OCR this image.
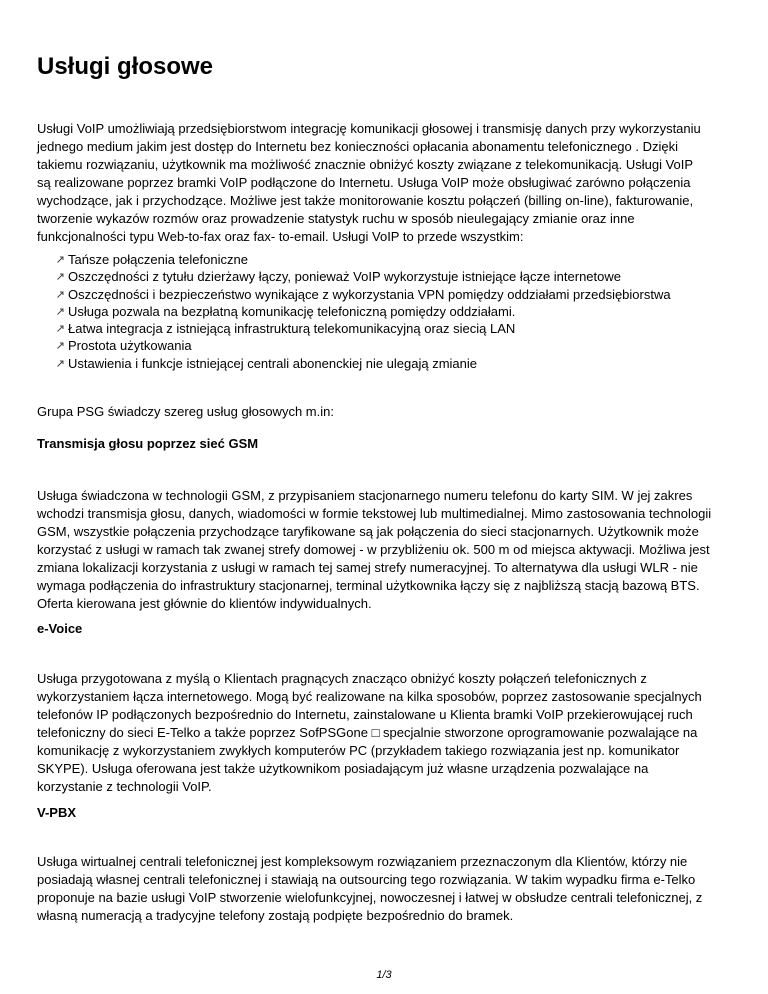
Usługi głosowe

Usługi VoIP umożliwiają przedsiębiorstwom integrację komunikacji głosowej i transmisję danych przy wykorzystaniu jednego medium jakim jest dostęp do Internetu bez konieczności opłacania abonamentu telefonicznego . Dzięki takiemu rozwiązaniu, użytkownik ma możliwość znacznie obniżyć koszty związane z telekomunikacją. Usługi VoIP są realizowane poprzez bramki VoIP podłączone do Internetu. Usługa VoIP może obsługiwać zarówno połączenia wychodzące, jak i przychodzące. Możliwe jest także monitorowanie kosztu połączeń (billing on-line), fakturowanie, tworzenie wykazów rozmów oraz prowadzenie statystyk ruchu w sposób nieulegający zmianie oraz inne funkcjonalności typu Web-to-fax oraz fax- to-email. Usługi VoIP to przede wszystkim:

Tańsze połączenia telefoniczne
Oszczędności z tytułu dzierżawy łączy, ponieważ VoIP wykorzystuje istniejące łącze internetowe
Oszczędności i bezpieczeństwo wynikające z wykorzystania VPN pomiędzy oddziałami przedsiębiorstwa
Usługa pozwala na bezpłatną komunikację telefoniczną pomiędzy oddziałami.
Łatwa integracja z istniejącą infrastrukturą telekomunikacyjną oraz siecią LAN
Prostota użytkowania
Ustawienia i funkcje istniejącej centrali abonenckiej nie ulegają zmianie

Grupa PSG świadczy szereg usług głosowych m.in:

Transmisja głosu poprzez sieć GSM

Usługa świadczona w technologii GSM, z przypisaniem stacjonarnego numeru telefonu do karty SIM. W jej zakres wchodzi transmisja głosu, danych, wiadomości w formie tekstowej lub multimedialnej. Mimo zastosowania technologii GSM, wszystkie połączenia przychodzące taryfikowane są jak połączenia do sieci stacjonarnych. Użytkownik może korzystać z usługi w ramach tak zwanej strefy domowej - w przybliżeniu ok. 500 m od miejsca aktywacji. Możliwa jest zmiana lokalizacji korzystania z usługi w ramach tej samej strefy numeracyjnej. To alternatywa dla usługi WLR - nie wymaga podłączenia do infrastruktury stacjonarnej, terminal użytkownika łączy się z najbliższą stacją bazową BTS. Oferta kierowana jest głównie do klientów indywidualnych.

e-Voice

Usługa przygotowana z myślą o Klientach pragnących znacząco obniżyć koszty połączeń telefonicznych z wykorzystaniem łącza internetowego. Mogą być realizowane na kilka sposobów, poprzez zastosowanie specjalnych telefonów IP podłączonych bezpośrednio do Internetu, zainstalowane u Klienta bramki VoIP przekierowującej ruch telefoniczny do sieci E-Telko a także poprzez SofPSGone □ specjalnie stworzone oprogramowanie pozwalające na komunikację z wykorzystaniem zwykłych komputerów PC (przykładem takiego rozwiązania jest np. komunikator SKYPE). Usługa oferowana jest także użytkownikom posiadającym już własne urządzenia pozwalające na korzystanie z technologii VoIP.

V-PBX

Usługa wirtualnej centrali telefonicznej jest kompleksowym rozwiązaniem przeznaczonym dla Klientów, którzy nie posiadają własnej centrali telefonicznej i stawiają na outsourcing tego rozwiązania. W takim wypadku firma e-Telko proponuje na bazie usługi VoIP stworzenie wielofunkcyjnej, nowoczesnej i łatwej w obsłudze centrali telefonicznej, z własną numeracją a tradycyjne telefony zostają podpięte bezpośrednio do bramek.

1/3
